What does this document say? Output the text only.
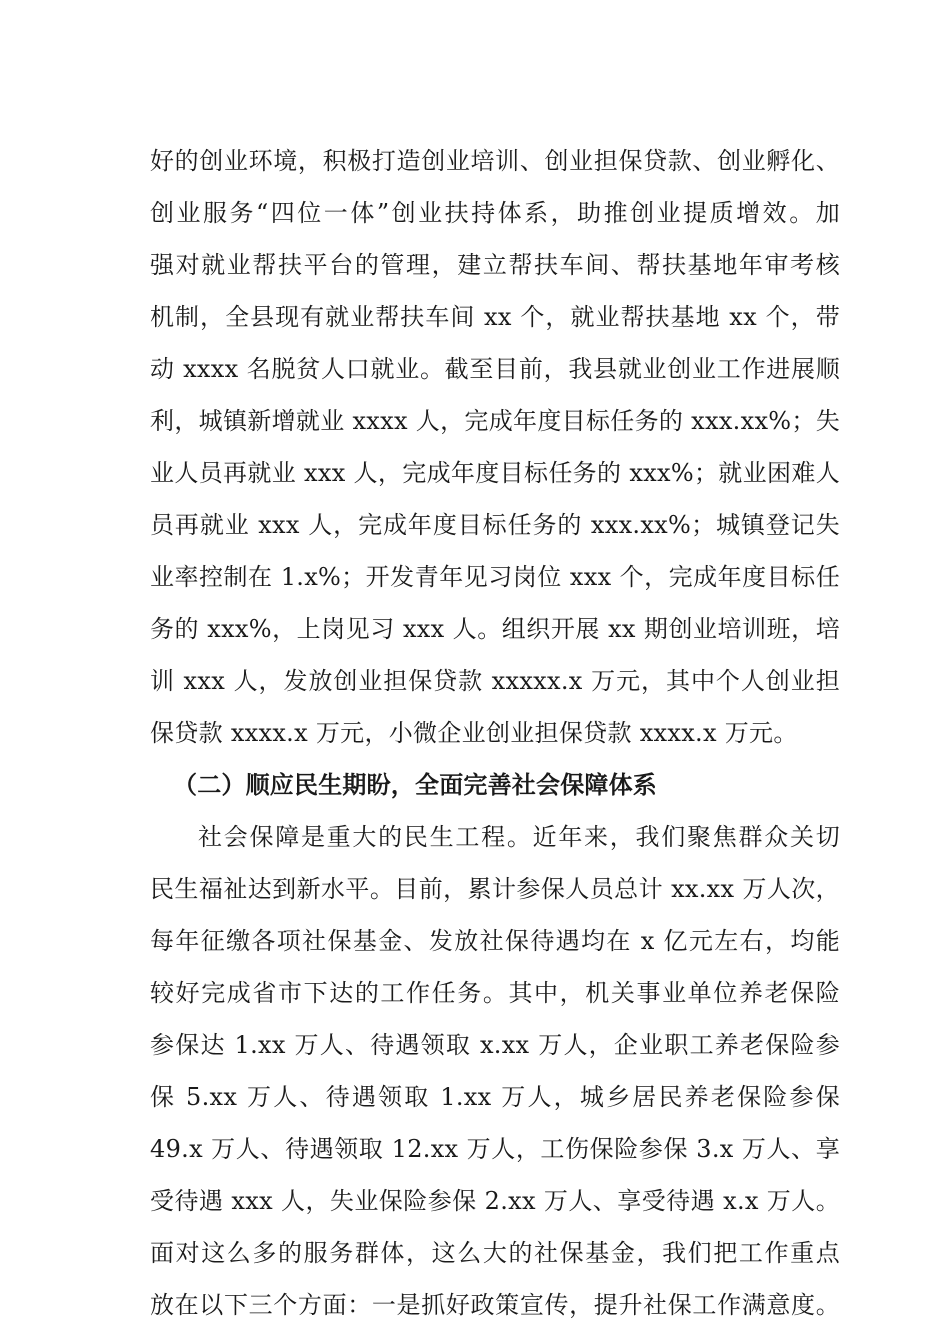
好的创业环境，积极打造创业培训、创业担保贷款、创业孵化、
创业服务“四位一体”创业扶持体系，助推创业提质增效。加
强对就业帮扶平台的管理，建立帮扶车间、帮扶基地年审考核
机制，全县现有就业帮扶车间 xx 个，就业帮扶基地 xx 个，带
动 xxxx 名脱贫人口就业。截至目前，我县就业创业工作进展顺
利，城镇新增就业 xxxx 人，完成年度目标任务的 xxx.xx%；失
业人员再就业 xxx 人，完成年度目标任务的 xxx%；就业困难人
员再就业 xxx 人，完成年度目标任务的 xxx.xx%；城镇登记失
业率控制在 1.x%；开发青年见习岗位 xxx 个，完成年度目标任
务的 xxx%，上岗见习 xxx 人。组织开展 xx 期创业培训班，培
训 xxx 人，发放创业担保贷款 xxxxx.x 万元，其中个人创业担
保贷款 xxxx.x 万元，小微企业创业担保贷款 xxxx.x 万元。
（二）顺应民生期盼，全面完善社会保障体系
社会保障是重大的民生工程。近年来，我们聚焦群众关切
民生福祉达到新水平。目前，累计参保人员总计 xx.xx 万人次，
每年征缴各项社保基金、发放社保待遇均在 x 亿元左右，均能
较好完成省市下达的工作任务。其中，机关事业单位养老保险
参保达 1.xx 万人、待遇领取 x.xx 万人，企业职工养老保险参
保 5.xx 万人、待遇领取 1.xx 万人，城乡居民养老保险参保
49.x 万人、待遇领取 12.xx 万人，工伤保险参保 3.x 万人、享
受待遇 xxx 人，失业保险参保 2.xx 万人、享受待遇 x.x 万人。
面对这么多的服务群体，这么大的社保基金，我们把工作重点
放在以下三个方面：一是抓好政策宣传，提升社保工作满意度。
